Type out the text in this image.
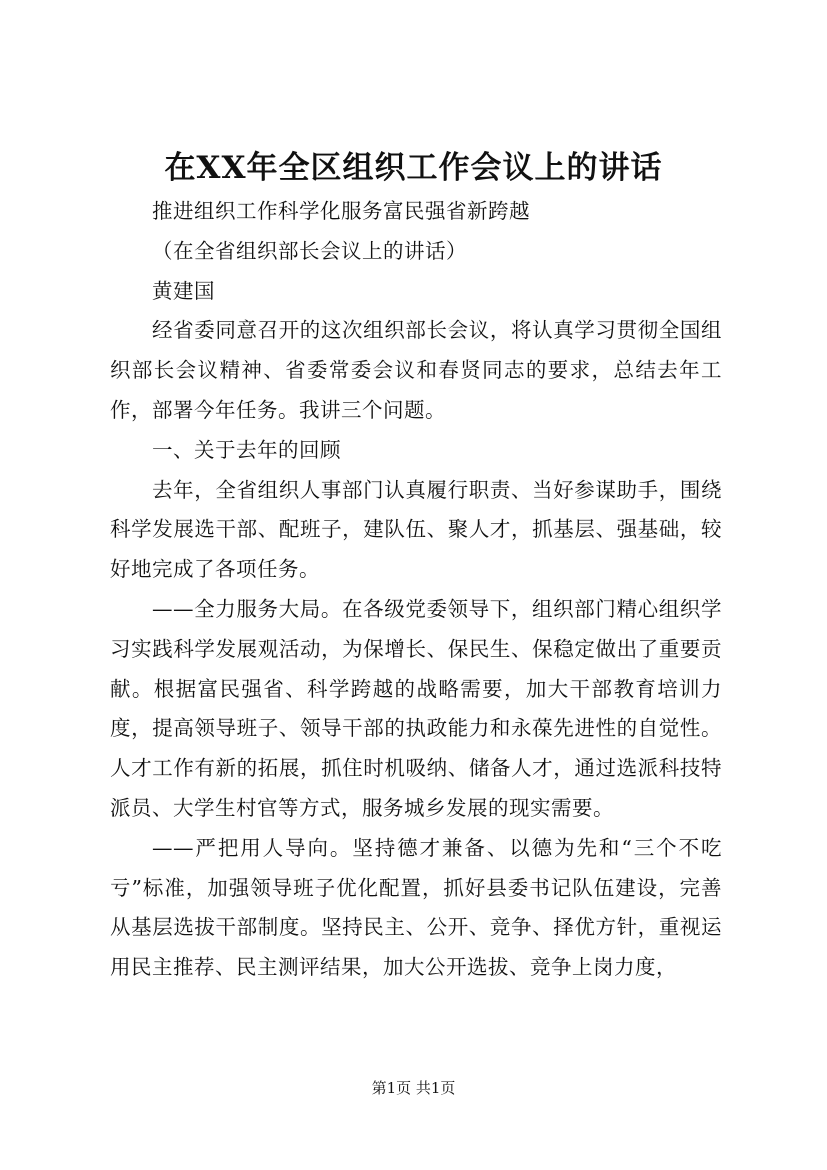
在XX年全区组织工作会议上的讲话

推进组织工作科学化服务富民强省新跨越

（在全省组织部长会议上的讲话）

黄建国

经省委同意召开的这次组织部长会议，将认真学习贯彻全国组织部长会议精神、省委常委会议和春贤同志的要求，总结去年工作，部署今年任务。我讲三个问题。

一、关于去年的回顾

去年，全省组织人事部门认真履行职责、当好参谋助手，围绕科学发展选干部、配班子，建队伍、聚人才，抓基层、强基础，较好地完成了各项任务。

——全力服务大局。在各级党委领导下，组织部门精心组织学习实践科学发展观活动，为保增长、保民生、保稳定做出了重要贡献。根据富民强省、科学跨越的战略需要，加大干部教育培训力度，提高领导班子、领导干部的执政能力和永葆先进性的自觉性。人才工作有新的拓展，抓住时机吸纳、储备人才，通过选派科技特派员、大学生村官等方式，服务城乡发展的现实需要。

——严把用人导向。坚持德才兼备、以德为先和“三个不吃亏”标准，加强领导班子优化配置，抓好县委书记队伍建设，完善从基层选拔干部制度。坚持民主、公开、竞争、择优方针，重视运用民主推荐、民主测评结果，加大公开选拔、竞争上岗力度，

第1页 共1页
